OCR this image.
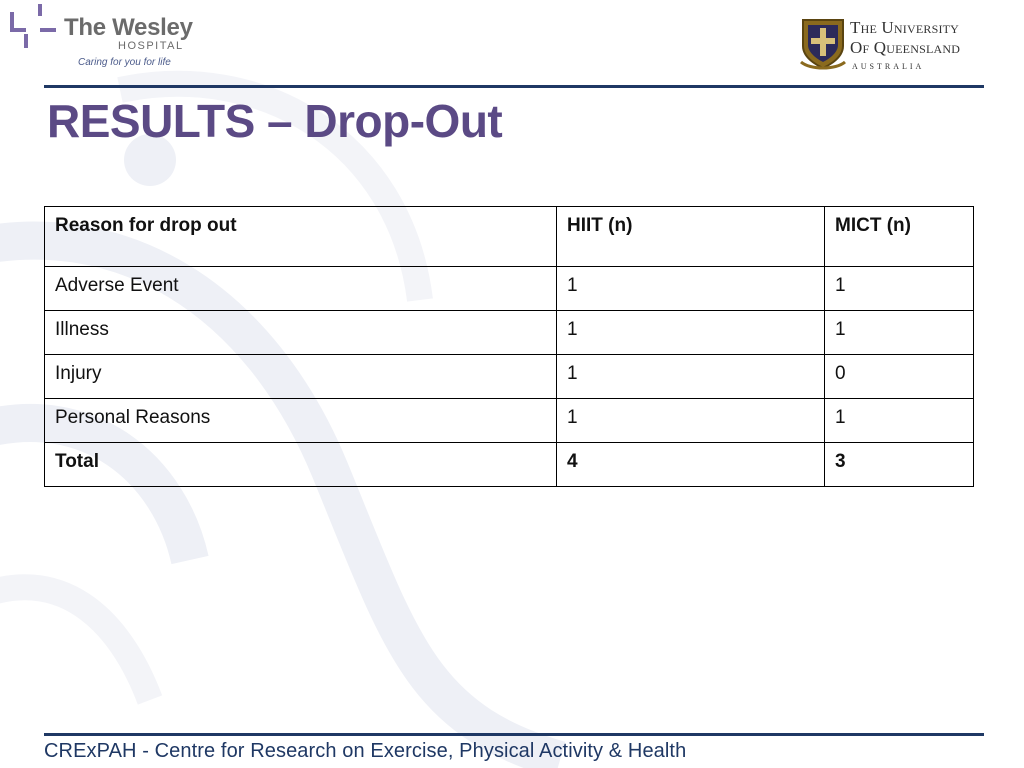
The Wesley
HOSPITAL
Caring for you for life
The University
Of Queensland
AUSTRALIA
RESULTS – Drop-Out
Reason for drop out	HIIT (n)	MICT (n)
Adverse Event	1	1
Illness	1	1
Injury	1	0
Personal Reasons	1	1
Total	4	3
CRExPAH - Centre for Research on Exercise, Physical Activity & Health
